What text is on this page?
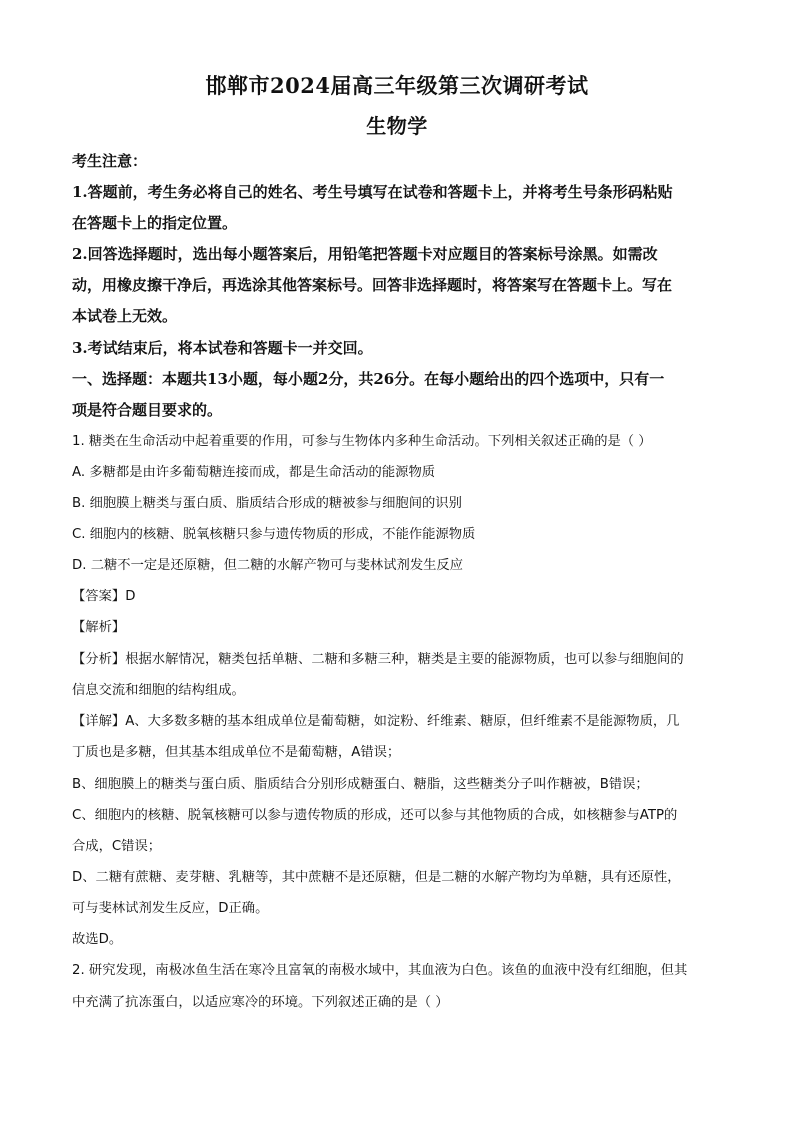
邯郸市2024届高三年级第三次调研考试
生物学
考生注意：
1.答题前，考生务必将自己的姓名、考生号填写在试卷和答题卡上，并将考生号条形码粘贴
在答题卡上的指定位置。
2.回答选择题时，选出每小题答案后，用铅笔把答题卡对应题目的答案标号涂黑。如需改
动，用橡皮擦干净后，再选涂其他答案标号。回答非选择题时，将答案写在答题卡上。写在
本试卷上无效。
3.考试结束后，将本试卷和答题卡一并交回。
一、选择题：本题共13小题，每小题2分，共26分。在每小题给出的四个选项中，只有一
项是符合题目要求的。
1. 糖类在生命活动中起着重要的作用，可参与生物体内多种生命活动。下列相关叙述正确的是（ ）
A. 多糖都是由许多葡萄糖连接而成，都是生命活动的能源物质
B. 细胞膜上糖类与蛋白质、脂质结合形成的糖被参与细胞间的识别
C. 细胞内的核糖、脱氧核糖只参与遗传物质的形成，不能作能源物质
D. 二糖不一定是还原糖，但二糖的水解产物可与斐林试剂发生反应
【答案】D
【解析】
【分析】根据水解情况，糖类包括单糖、二糖和多糖三种，糖类是主要的能源物质，也可以参与细胞间的
信息交流和细胞的结构组成。
【详解】A、大多数多糖的基本组成单位是葡萄糖，如淀粉、纤维素、糖原，但纤维素不是能源物质，几
丁质也是多糖，但其基本组成单位不是葡萄糖，A错误；
B、细胞膜上的糖类与蛋白质、脂质结合分别形成糖蛋白、糖脂，这些糖类分子叫作糖被，B错误；
C、细胞内的核糖、脱氧核糖可以参与遗传物质的形成，还可以参与其他物质的合成，如核糖参与ATP的
合成，C错误；
D、二糖有蔗糖、麦芽糖、乳糖等，其中蔗糖不是还原糖，但是二糖的水解产物均为单糖，具有还原性，
可与斐林试剂发生反应，D正确。
故选D。
2. 研究发现，南极冰鱼生活在寒冷且富氧的南极水域中，其血液为白色。该鱼的血液中没有红细胞，但其
中充满了抗冻蛋白，以适应寒冷的环境。下列叙述正确的是（ ）
